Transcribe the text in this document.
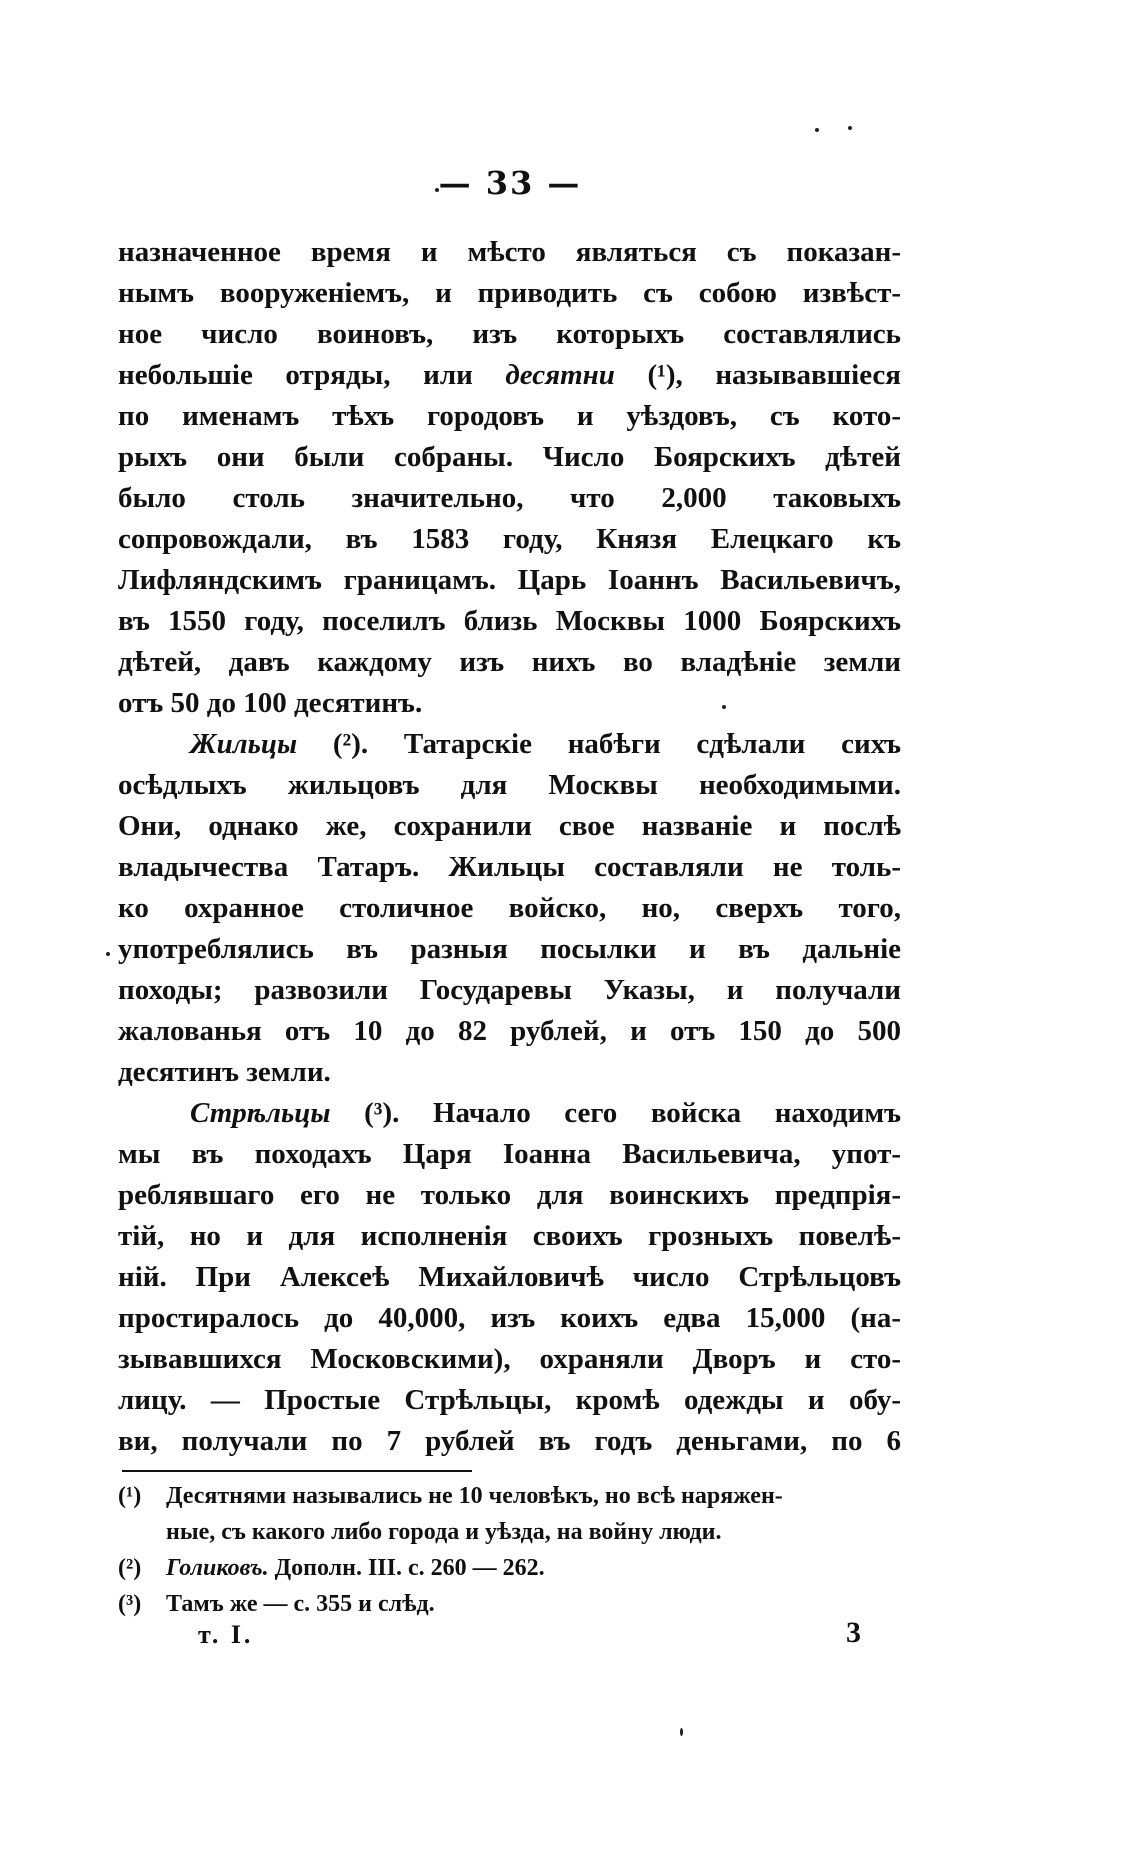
— 33 —
назначенное время и мѣсто являться съ показан-
нымъ вооруженіемъ, и приводить съ собою извѣст-
ное число воиновъ, изъ которыхъ составлялись
небольшіе отряды, или десятни (¹), называвшіеся
по именамъ тѣхъ городовъ и уѣздовъ, съ кото-
рыхъ они были собраны. Число Боярскихъ дѣтей
было столь значительно, что 2,000 таковыхъ
сопровождали, въ 1583 году, Князя Елецкаго къ
Лифляндскимъ границамъ. Царь Іоаннъ Васильевичъ,
въ 1550 году, поселилъ близь Москвы 1000 Боярскихъ
дѣтей, давъ каждому изъ нихъ во владѣніе земли
отъ 50 до 100 десятинъ.
Жильцы (²). Татарскіе набѣги сдѣлали сихъ
осѣдлыхъ жильцовъ для Москвы необходимыми.
Они, однако же, сохранили свое названіе и послѣ
владычества Татаръ. Жильцы составляли не толь-
ко охранное столичное войско, но, сверхъ того,
употреблялись въ разныя посылки и въ дальніе
походы; развозили Государевы Указы, и получали
жалованья отъ 10 до 82 рублей, и отъ 150 до 500
десятинъ земли.
Стрѣльцы (³). Начало сего войска находимъ
мы въ походахъ Царя Іоанна Васильевича, упот-
реблявшаго его не только для воинскихъ предпрія-
тій, но и для исполненія своихъ грозныхъ повелѣ-
ній. При Алексеѣ Михайловичѣ число Стрѣльцовъ
простиралось до 40,000, изъ коихъ едва 15,000 (на-
зывавшихся Московскими), охраняли Дворъ и сто-
лицу. — Простые Стрѣльцы, кромѣ одежды и обу-
ви, получали по 7 рублей въ годъ деньгами, по 6
(¹) Десятнями назывались не 10 человѣкъ, но всѣ наряжен-
ные, съ какого либо города и уѣзда, на войну люди.
(²) Голиковъ. Дополн. III. с. 260 — 262.
(³) Тамъ же — с. 355 и слѣд.
т. I.	3
